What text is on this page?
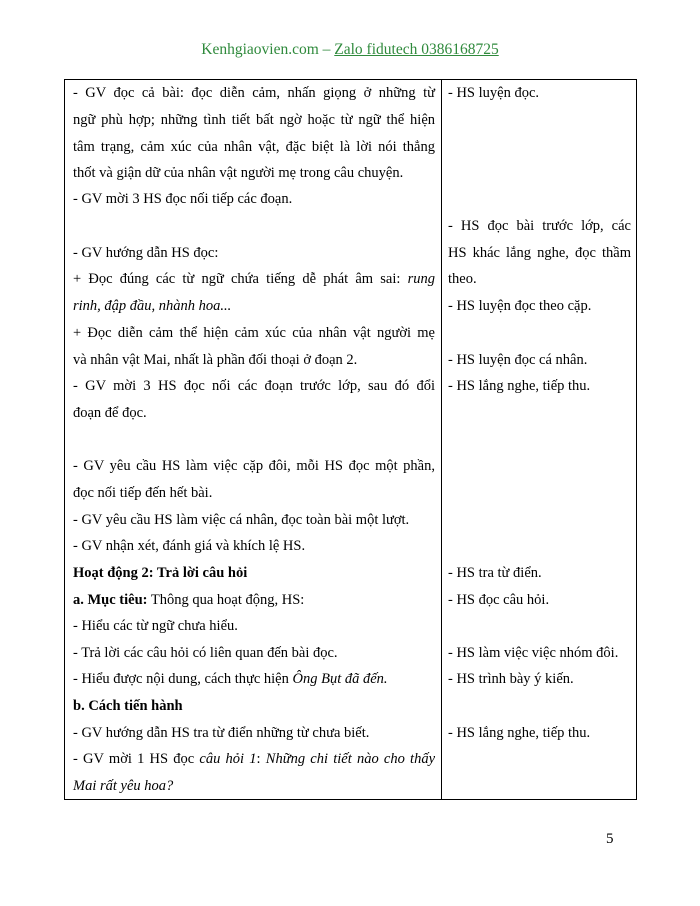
Kenhgiaovien.com – Zalo fidutech 0386168725
- GV đọc cả bài: đọc diễn cảm, nhấn giọng ở những từ
ngữ phù hợp; những tình tiết bất ngờ hoặc từ ngữ thể hiện
tâm trạng, cảm xúc của nhân vật, đặc biệt là lời nói thẳng
thốt và giận dữ của nhân vật người mẹ trong câu chuyện.
- GV mời 3 HS đọc nối tiếp các đoạn.
- GV hướng dẫn HS đọc:
+ Đọc đúng các từ ngữ chứa tiếng dễ phát âm sai: rung
rinh, đập đầu, nhành hoa...
+ Đọc diễn cảm thể hiện cảm xúc của nhân vật người mẹ
và nhân vật Mai, nhất là phần đối thoại ở đoạn 2.
- GV mời 3 HS đọc nối các đoạn trước lớp, sau đó đổi
đoạn để đọc.
- GV yêu cầu HS làm việc cặp đôi, mỗi HS đọc một phần,
đọc nối tiếp đến hết bài.
- GV yêu cầu HS làm việc cá nhân, đọc toàn bài một lượt.
- GV nhận xét, đánh giá và khích lệ HS.
Hoạt động 2: Trả lời câu hỏi
a. Mục tiêu: Thông qua hoạt động, HS:
- Hiểu các từ ngữ chưa hiểu.
- Trả lời các câu hỏi có liên quan đến bài đọc.
- Hiểu được nội dung, cách thực hiện Ông Bụt đã đến.
b. Cách tiến hành
- GV hướng dẫn HS tra từ điển những từ chưa biết.
- GV mời 1 HS đọc câu hỏi 1: Những chi tiết nào cho thấy
Mai rất yêu hoa?
- HS luyện đọc.
- HS đọc bài trước lớp, các
HS khác lắng nghe, đọc thầm
theo.
- HS luyện đọc theo cặp.
- HS luyện đọc cá nhân.
- HS lắng nghe, tiếp thu.
- HS tra từ điển.
- HS đọc câu hỏi.
- HS làm việc việc nhóm đôi.
- HS trình bày ý kiến.
- HS lắng nghe, tiếp thu.
5
